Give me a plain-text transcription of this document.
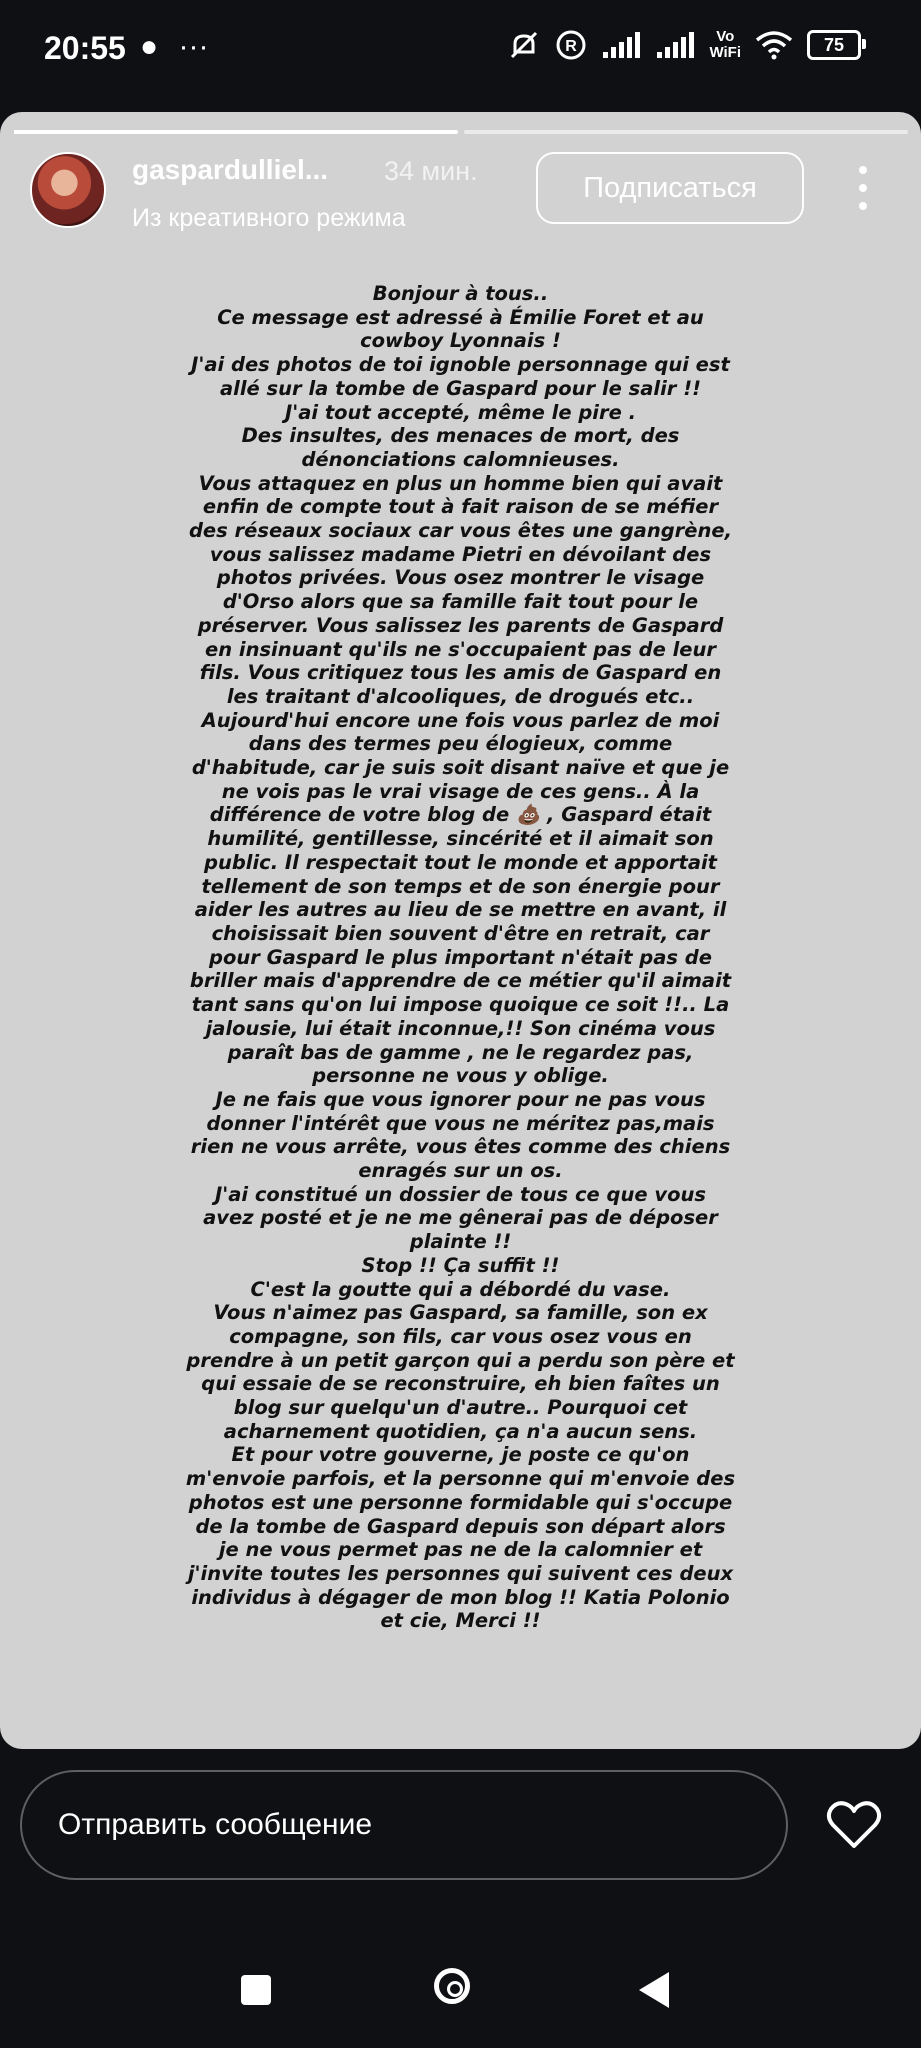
20:55 ● ···	R
Vo
WiFi	75
gaspardulliel... 34 мин.
Из креативного режима
Подписаться
Bonjour à tous..
Ce message est adressé à Émilie Foret et au
cowboy Lyonnais !
J'ai des photos de toi ignoble personnage qui est
allé sur la tombe de Gaspard pour le salir !!
J'ai tout accepté, même le pire .
Des insultes, des menaces de mort, des
dénonciations calomnieuses.
Vous attaquez en plus un homme bien qui avait
enfin de compte tout à fait raison de se méfier
des réseaux sociaux car vous êtes une gangrène,
vous salissez madame Pietri en dévoilant des
photos privées. Vous osez montrer le visage
d'Orso alors que sa famille fait tout pour le
préserver. Vous salissez les parents de Gaspard
en insinuant qu'ils ne s'occupaient pas de leur
fils. Vous critiquez tous les amis de Gaspard en
les traitant d'alcooliques, de drogués etc..
Aujourd'hui encore une fois vous parlez de moi
dans des termes peu élogieux, comme
d'habitude, car je suis soit disant naïve et que je
ne vois pas le vrai visage de ces gens.. À la
différence de votre blog de 💩 , Gaspard était
humilité, gentillesse, sincérité et il aimait son
public. Il respectait tout le monde et apportait
tellement de son temps et de son énergie pour
aider les autres au lieu de se mettre en avant, il
choisissait bien souvent d'être en retrait, car
pour Gaspard le plus important n'était pas de
briller mais d'apprendre de ce métier qu'il aimait
tant sans qu'on lui impose quoique ce soit !!.. La
jalousie, lui était inconnue,!! Son cinéma vous
paraît bas de gamme , ne le regardez pas,
personne ne vous y oblige.
Je ne fais que vous ignorer pour ne pas vous
donner l'intérêt que vous ne méritez pas,mais
rien ne vous arrête, vous êtes comme des chiens
enragés sur un os.
J'ai constitué un dossier de tous ce que vous
avez posté et je ne me gênerai pas de déposer
plainte !!
Stop !! Ça suffit !!
C'est la goutte qui a débordé du vase.
Vous n'aimez pas Gaspard, sa famille, son ex
compagne, son fils, car vous osez vous en
prendre à un petit garçon qui a perdu son père et
qui essaie de se reconstruire, eh bien faîtes un
blog sur quelqu'un d'autre.. Pourquoi cet
acharnement quotidien, ça n'a aucun sens.
Et pour votre gouverne, je poste ce qu'on
m'envoie parfois, et la personne qui m'envoie des
photos est une personne formidable qui s'occupe
de la tombe de Gaspard depuis son départ alors
je ne vous permet pas ne de la calomnier et
j'invite toutes les personnes qui suivent ces deux
individus à dégager de mon blog !! Katia Polonio
et cie, Merci !!
Отправить сообщение
